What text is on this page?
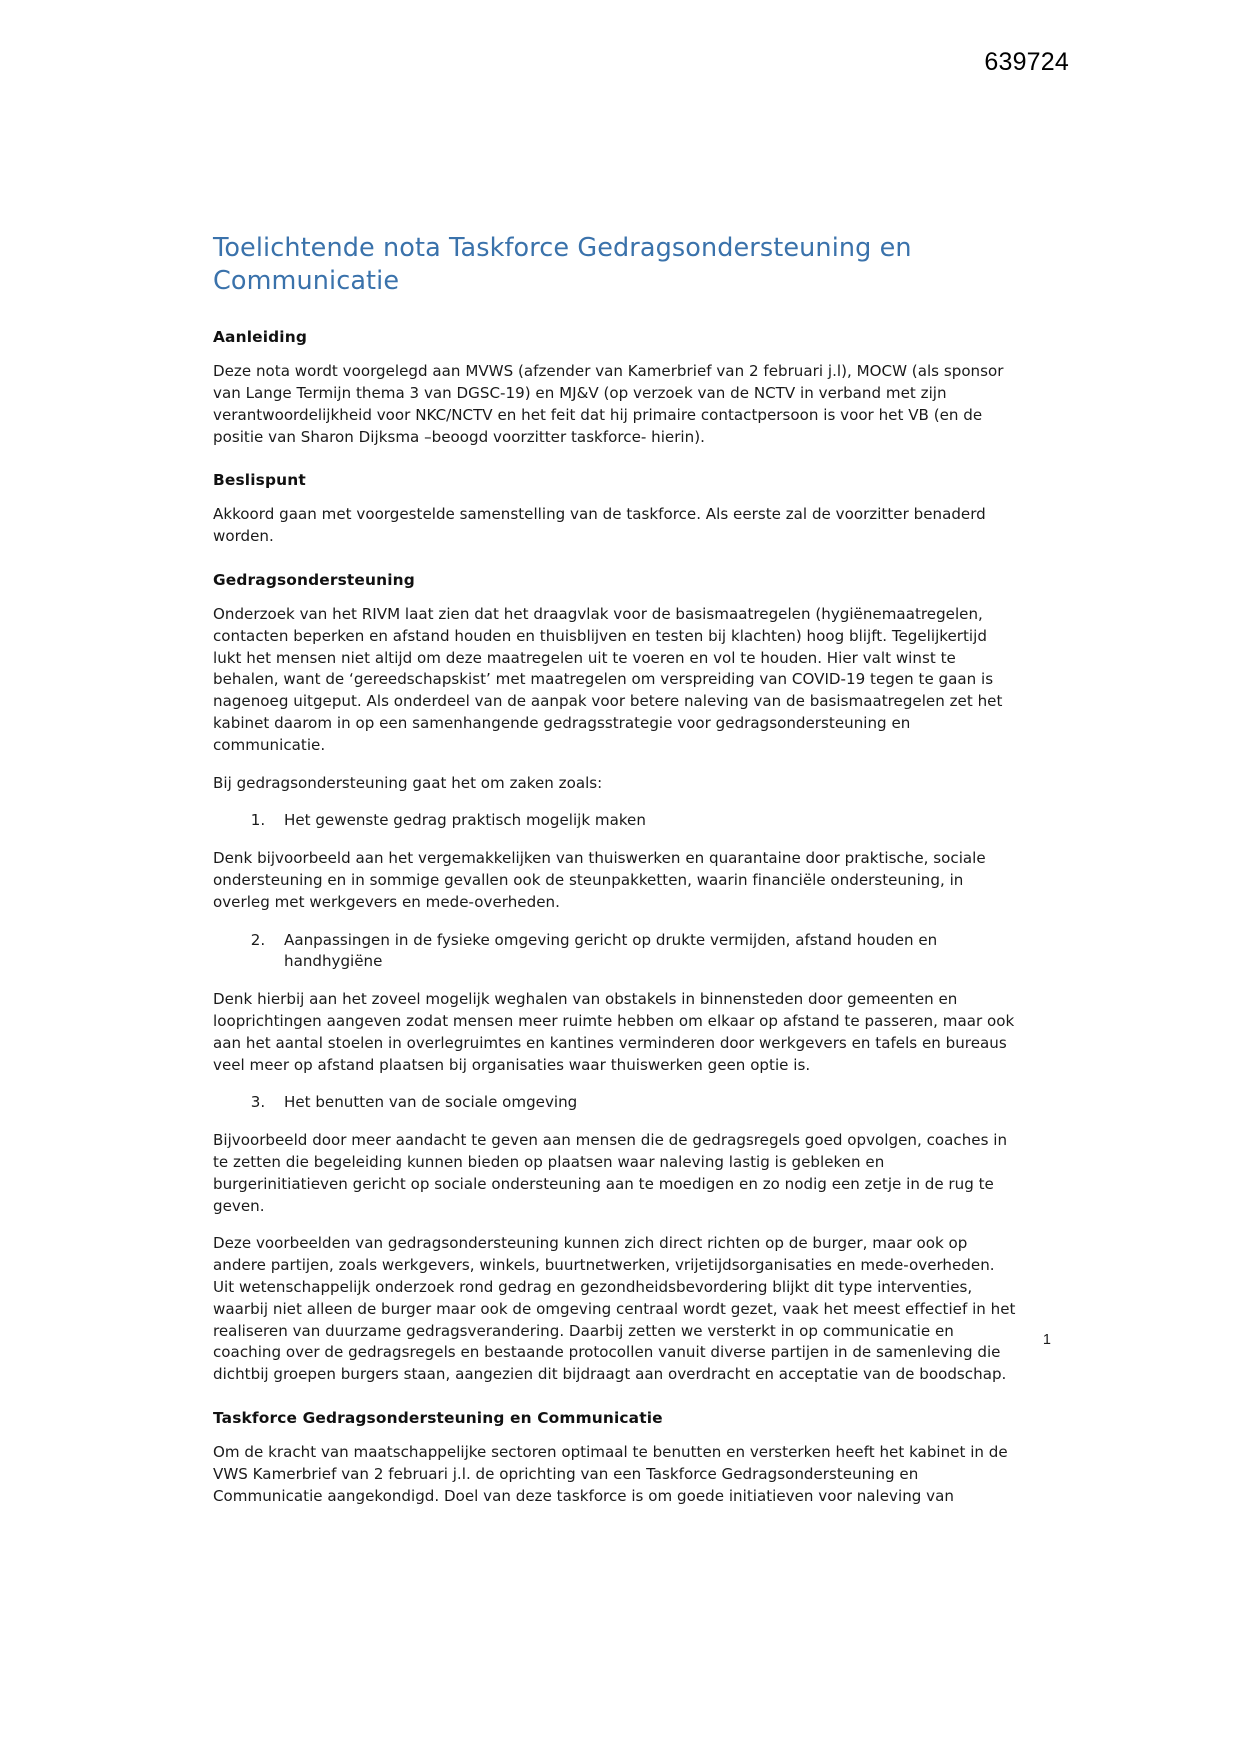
639724
Toelichtende nota Taskforce Gedragsondersteuning en Communicatie
Aanleiding

Deze nota wordt voorgelegd aan MVWS (afzender van Kamerbrief van 2 februari j.l), MOCW (als sponsor van Lange Termijn thema 3 van DGSC-19) en MJ&V (op verzoek van de NCTV in verband met zijn verantwoordelijkheid voor NKC/NCTV en het feit dat hij primaire contactpersoon is voor het VB (en de positie van Sharon Dijksma –beoogd voorzitter taskforce- hierin).

Beslispunt

Akkoord gaan met voorgestelde samenstelling van de taskforce. Als eerste zal de voorzitter benaderd worden.

Gedragsondersteuning

Onderzoek van het RIVM laat zien dat het draagvlak voor de basismaatregelen (hygiënemaatregelen, contacten beperken en afstand houden en thuisblijven en testen bij klachten) hoog blijft. Tegelijkertijd lukt het mensen niet altijd om deze maatregelen uit te voeren en vol te houden. Hier valt winst te behalen, want de ‘gereedschapskist’ met maatregelen om verspreiding van COVID-19 tegen te gaan is nagenoeg uitgeput. Als onderdeel van de aanpak voor betere naleving van de basismaatregelen zet het kabinet daarom in op een samenhangende gedragsstrategie voor gedragsondersteuning en communicatie.

Bij gedragsondersteuning gaat het om zaken zoals:

1. Het gewenste gedrag praktisch mogelijk maken

Denk bijvoorbeeld aan het vergemakkelijken van thuiswerken en quarantaine door praktische, sociale ondersteuning en in sommige gevallen ook de steunpakketten, waarin financiële ondersteuning, in overleg met werkgevers en mede-overheden.

2. Aanpassingen in de fysieke omgeving gericht op drukte vermijden, afstand houden en handhygiëne

Denk hierbij aan het zoveel mogelijk weghalen van obstakels in binnensteden door gemeenten en looprichtingen aangeven zodat mensen meer ruimte hebben om elkaar op afstand te passeren, maar ook aan het aantal stoelen in overlegruimtes en kantines verminderen door werkgevers en tafels en bureaus veel meer op afstand plaatsen bij organisaties waar thuiswerken geen optie is.

3. Het benutten van de sociale omgeving

Bijvoorbeeld door meer aandacht te geven aan mensen die de gedragsregels goed opvolgen, coaches in te zetten die begeleiding kunnen bieden op plaatsen waar naleving lastig is gebleken en burgerinitiatieven gericht op sociale ondersteuning aan te moedigen en zo nodig een zetje in de rug te geven.

Deze voorbeelden van gedragsondersteuning kunnen zich direct richten op de burger, maar ook op andere partijen, zoals werkgevers, winkels, buurtnetwerken, vrijetijdsorganisaties en mede-overheden. Uit wetenschappelijk onderzoek rond gedrag en gezondheidsbevordering blijkt dit type interventies, waarbij niet alleen de burger maar ook de omgeving centraal wordt gezet, vaak het meest effectief in het realiseren van duurzame gedragsverandering. Daarbij zetten we versterkt in op communicatie en coaching over de gedragsregels en bestaande protocollen vanuit diverse partijen in de samenleving die dichtbij groepen burgers staan, aangezien dit bijdraagt aan overdracht en acceptatie van de boodschap.

Taskforce Gedragsondersteuning en Communicatie

Om de kracht van maatschappelijke sectoren optimaal te benutten en versterken heeft het kabinet in de VWS Kamerbrief van 2 februari j.l. de oprichting van een Taskforce Gedragsondersteuning en Communicatie aangekondigd. Doel van deze taskforce is om goede initiatieven voor naleving van

1
